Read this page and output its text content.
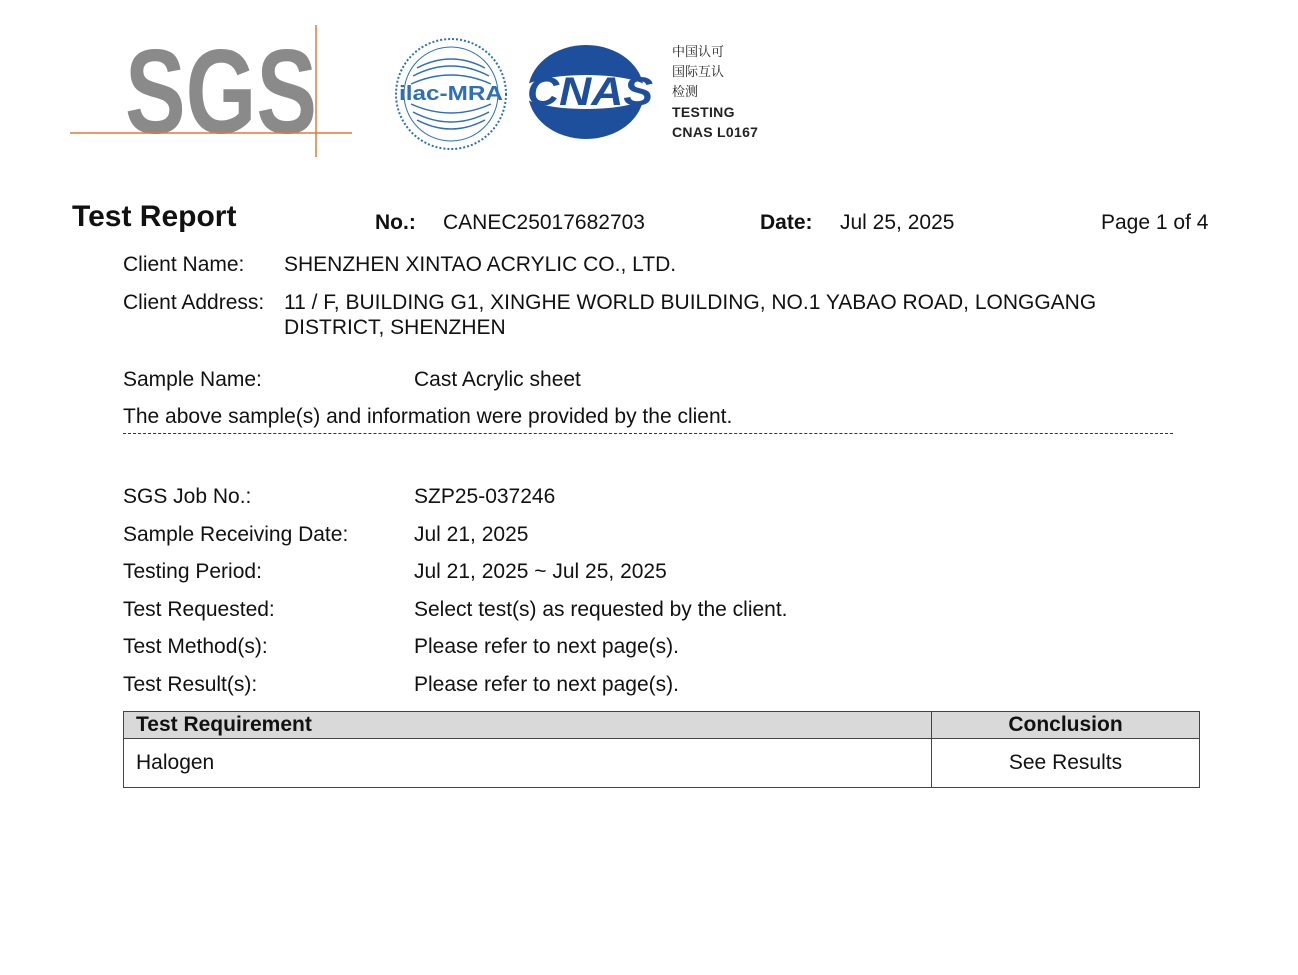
SGS	ilac-MRA CNAS
中国认可
国际互认
检测
TESTING
CNAS L0167
Test Report	No.: CANEC25017682703	Date: Jul 25, 2025	Page 1 of 4
Client Name: SHENZHEN XINTAO ACRYLIC CO., LTD.
Client Address: 11 / F, BUILDING G1, XINGHE WORLD BUILDING, NO.1 YABAO ROAD, LONGGANG
DISTRICT, SHENZHEN
Sample Name:	Cast Acrylic sheet
The above sample(s) and information were provided by the client.
SGS Job No.:	SZP25-037246
Sample Receiving Date:	Jul 21, 2025
Testing Period:	Jul 21, 2025 ~ Jul 25, 2025
Test Requested:	Select test(s) as requested by the client.
Test Method(s):	Please refer to next page(s).
Test Result(s):	Please refer to next page(s).
Test Requirement	Conclusion
Halogen	See Results
